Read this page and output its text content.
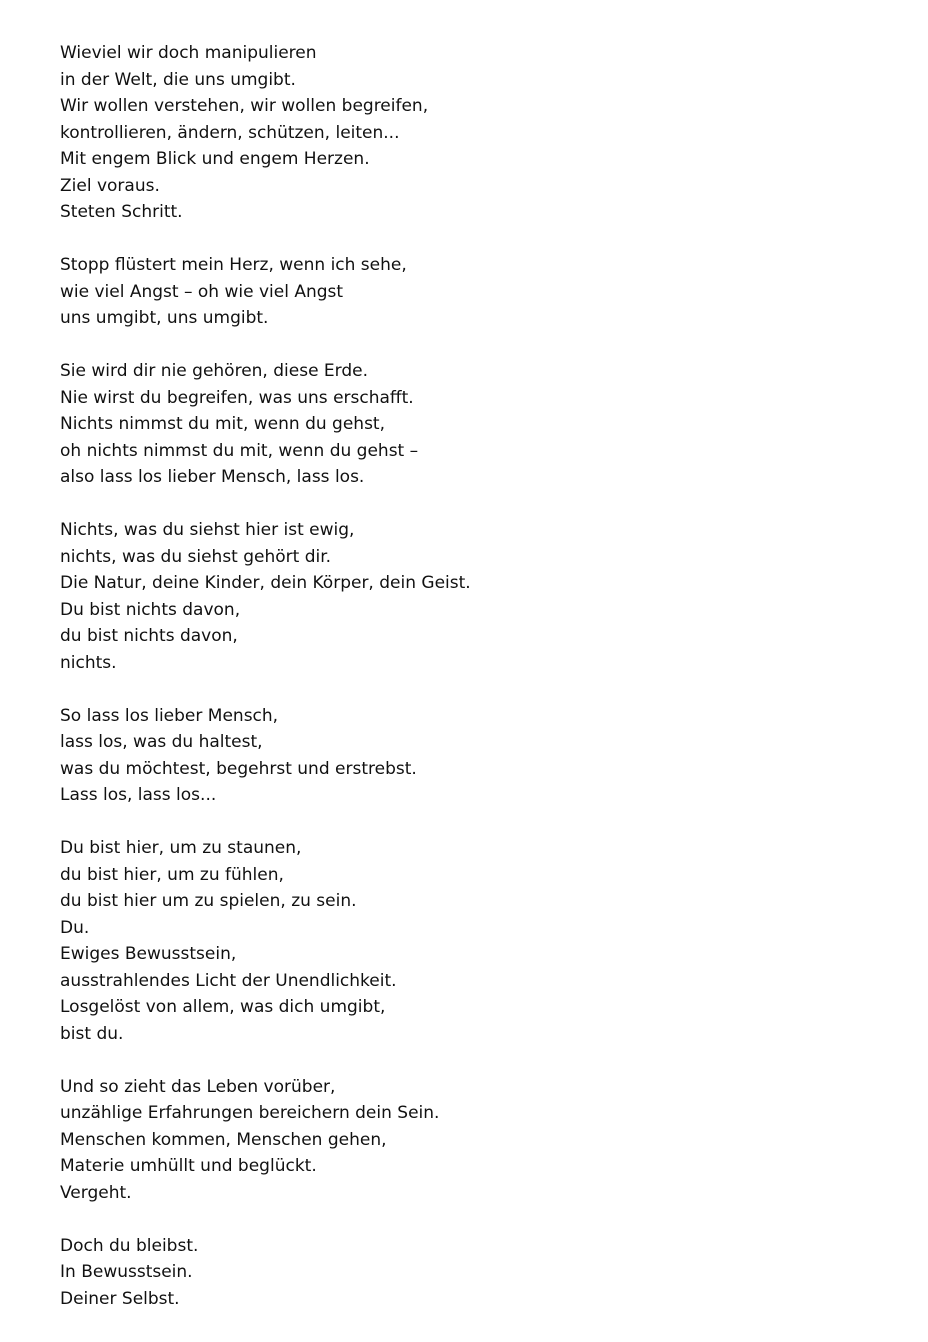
Wieviel wir doch manipulieren
in der Welt, die uns umgibt.
Wir wollen verstehen, wir wollen begreifen,
kontrollieren, ändern, schützen, leiten...
Mit engem Blick und engem Herzen.
Ziel voraus.
Steten Schritt.
Stopp flüstert mein Herz, wenn ich sehe,
wie viel Angst – oh wie viel Angst
uns umgibt, uns umgibt.
Sie wird dir nie gehören, diese Erde.
Nie wirst du begreifen, was uns erschafft.
Nichts nimmst du mit, wenn du gehst,
oh nichts nimmst du mit, wenn du gehst –
also lass los lieber Mensch, lass los.
Nichts, was du siehst hier ist ewig,
nichts, was du siehst gehört dir.
Die Natur, deine Kinder, dein Körper, dein Geist.
Du bist nichts davon,
du bist nichts davon,
nichts.
So lass los lieber Mensch,
lass los, was du haltest,
was du möchtest, begehrst und erstrebst.
Lass los, lass los...
Du bist hier, um zu staunen,
du bist hier, um zu fühlen,
du bist hier um zu spielen, zu sein.
Du.
Ewiges Bewusstsein,
ausstrahlendes Licht der Unendlichkeit.
Losgelöst von allem, was dich umgibt,
bist du.
Und so zieht das Leben vorüber,
unzählige Erfahrungen bereichern dein Sein.
Menschen kommen, Menschen gehen,
Materie umhüllt und beglückt.
Vergeht.
Doch du bleibst.
In Bewusstsein.
Deiner Selbst.
